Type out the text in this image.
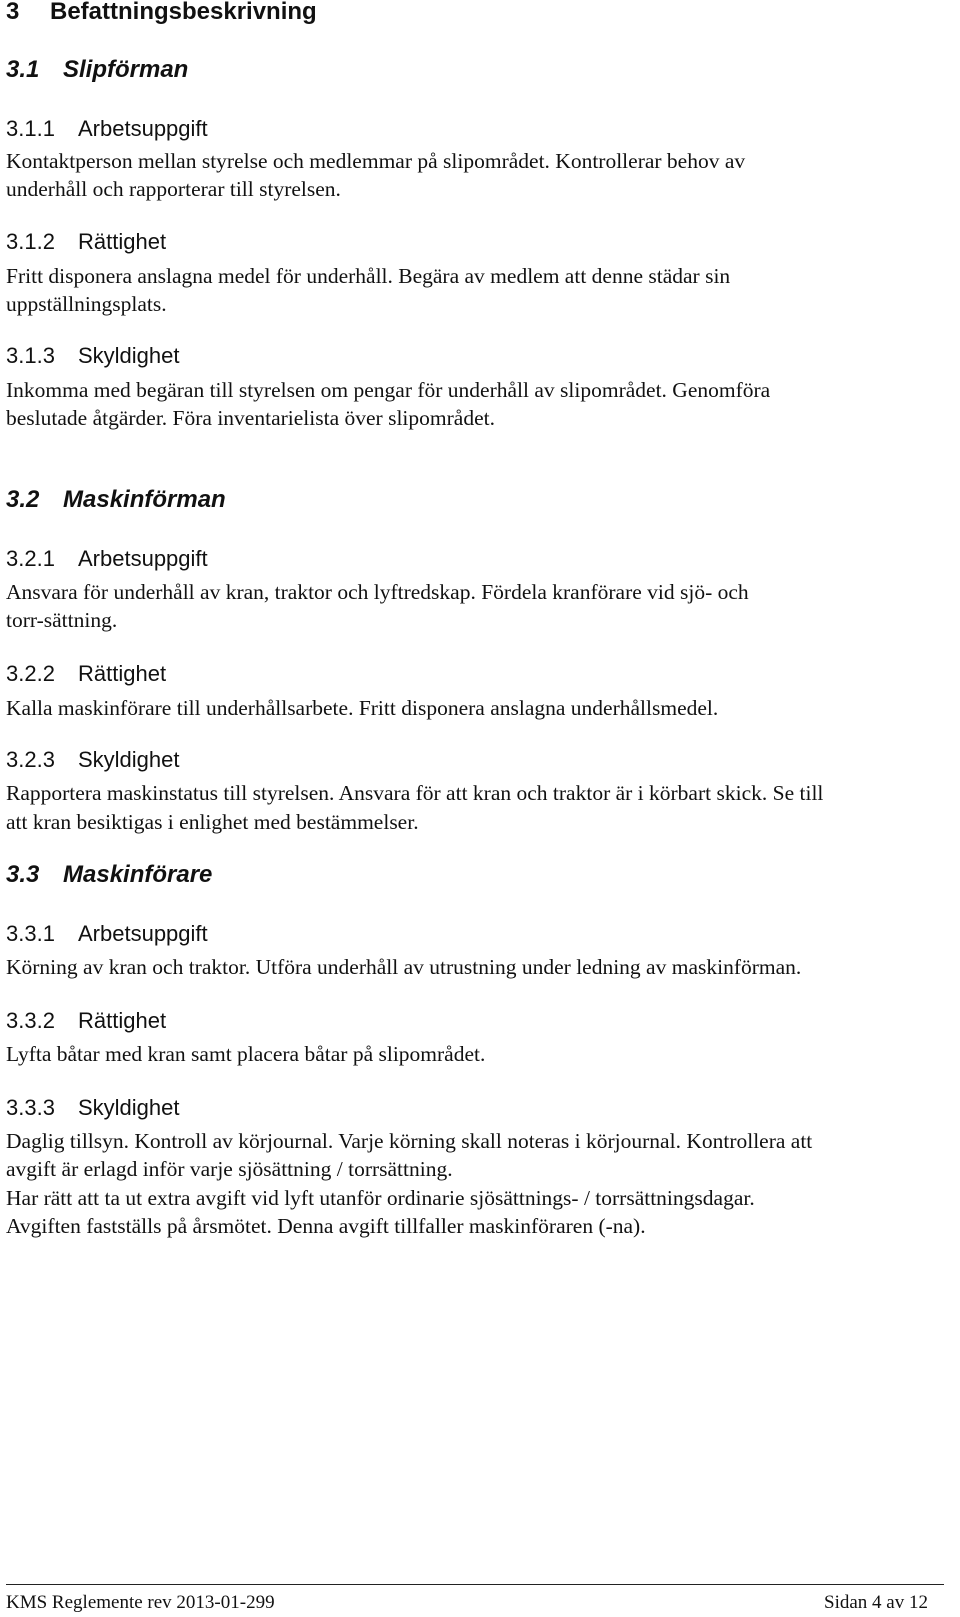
3 Befattningsbeskrivning
3.1 Slipförman
3.1.1 Arbetsuppgift
Kontaktperson mellan styrelse och medlemmar på slipområdet. Kontrollerar behov av
underhåll och rapporterar till styrelsen.
3.1.2 Rättighet
Fritt disponera anslagna medel för underhåll. Begära av medlem att denne städar sin
uppställningsplats.
3.1.3 Skyldighet
Inkomma med begäran till styrelsen om pengar för underhåll av slipområdet. Genomföra
beslutade åtgärder. Föra inventarielista över slipområdet.
3.2 Maskinförman
3.2.1 Arbetsuppgift
Ansvara för underhåll av kran, traktor och lyftredskap. Fördela kranförare vid sjö- och
torr-sättning.
3.2.2 Rättighet
Kalla maskinförare till underhållsarbete. Fritt disponera anslagna underhållsmedel.
3.2.3 Skyldighet
Rapportera maskinstatus till styrelsen. Ansvara för att kran och traktor är i körbart skick. Se till
att kran besiktigas i enlighet med bestämmelser.
3.3 Maskinförare
3.3.1 Arbetsuppgift
Körning av kran och traktor. Utföra underhåll av utrustning under ledning av maskinförman.
3.3.2 Rättighet
Lyfta båtar med kran samt placera båtar på slipområdet.
3.3.3 Skyldighet
Daglig tillsyn. Kontroll av körjournal. Varje körning skall noteras i körjournal. Kontrollera att
avgift är erlagd inför varje sjösättning / torrsättning.
Har rätt att ta ut extra avgift vid lyft utanför ordinarie sjösättnings- / torrsättningsdagar.
Avgiften fastställs på årsmötet. Denna avgift tillfaller maskinföraren (-na).
KMS Reglemente rev 2013-01-299	Sidan 4 av 12
